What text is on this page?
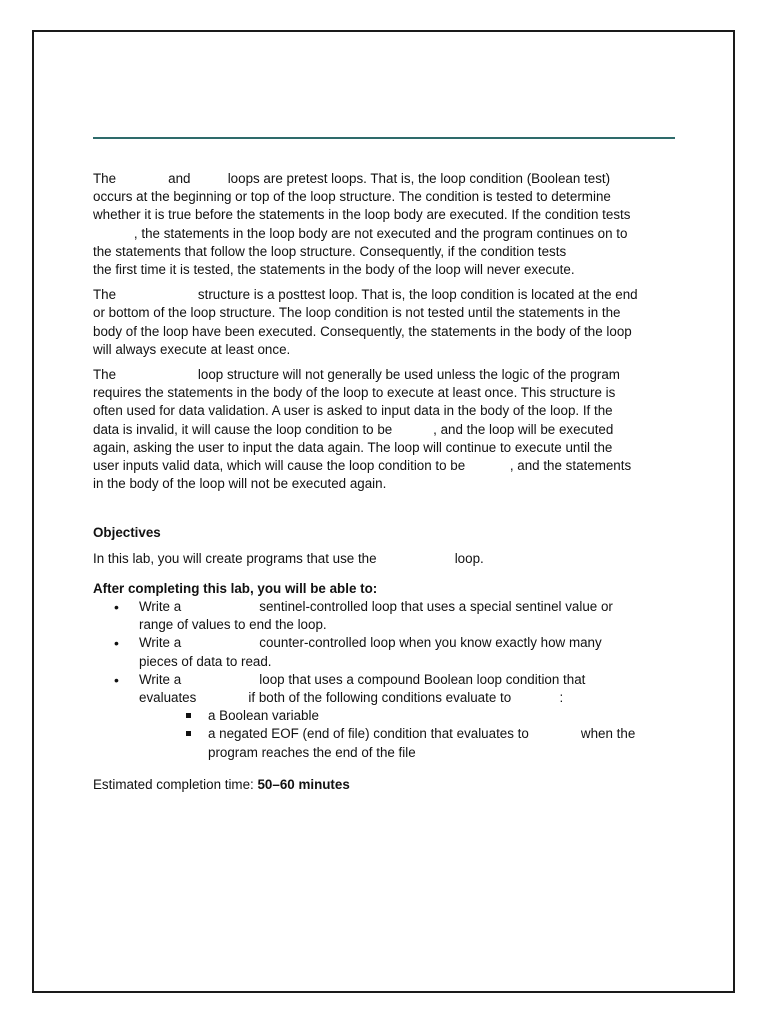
The              and          loops are pretest loops. That is, the loop condition (Boolean test)
occurs at the beginning or top of the loop structure. The condition is tested to determine
whether it is true before the statements in the loop body are executed. If the condition tests
, the statements in the loop body are not executed and the program continues on to
the statements that follow the loop structure. Consequently, if the condition tests
the first time it is tested, the statements in the body of the loop will never execute.

The                      structure is a posttest loop. That is, the loop condition is located at the end
or bottom of the loop structure. The loop condition is not tested until the statements in the
body of the loop have been executed. Consequently, the statements in the body of the loop
will always execute at least once.

The                      loop structure will not generally be used unless the logic of the program
requires the statements in the body of the loop to execute at least once. This structure is
often used for data validation. A user is asked to input data in the body of the loop. If the
data is invalid, it will cause the loop condition to be           , and the loop will be executed
again, asking the user to input the data again. The loop will continue to execute until the
user inputs valid data, which will cause the loop condition to be            , and the statements
in the body of the loop will not be executed again.

Objectives

In this lab, you will create programs that use the                     loop.

After completing this lab, you will be able to:

• Write a                     sentinel-controlled loop that uses a special sentinel value or
range of values to end the loop.
• Write a                     counter-controlled loop when you know exactly how many
pieces of data to read.
• Write a                     loop that uses a compound Boolean loop condition that
evaluates              if both of the following conditions evaluate to             :
a Boolean variable
a negated EOF (end of file) condition that evaluates to              when the
program reaches the end of the file

Estimated completion time: 50–60 minutes
